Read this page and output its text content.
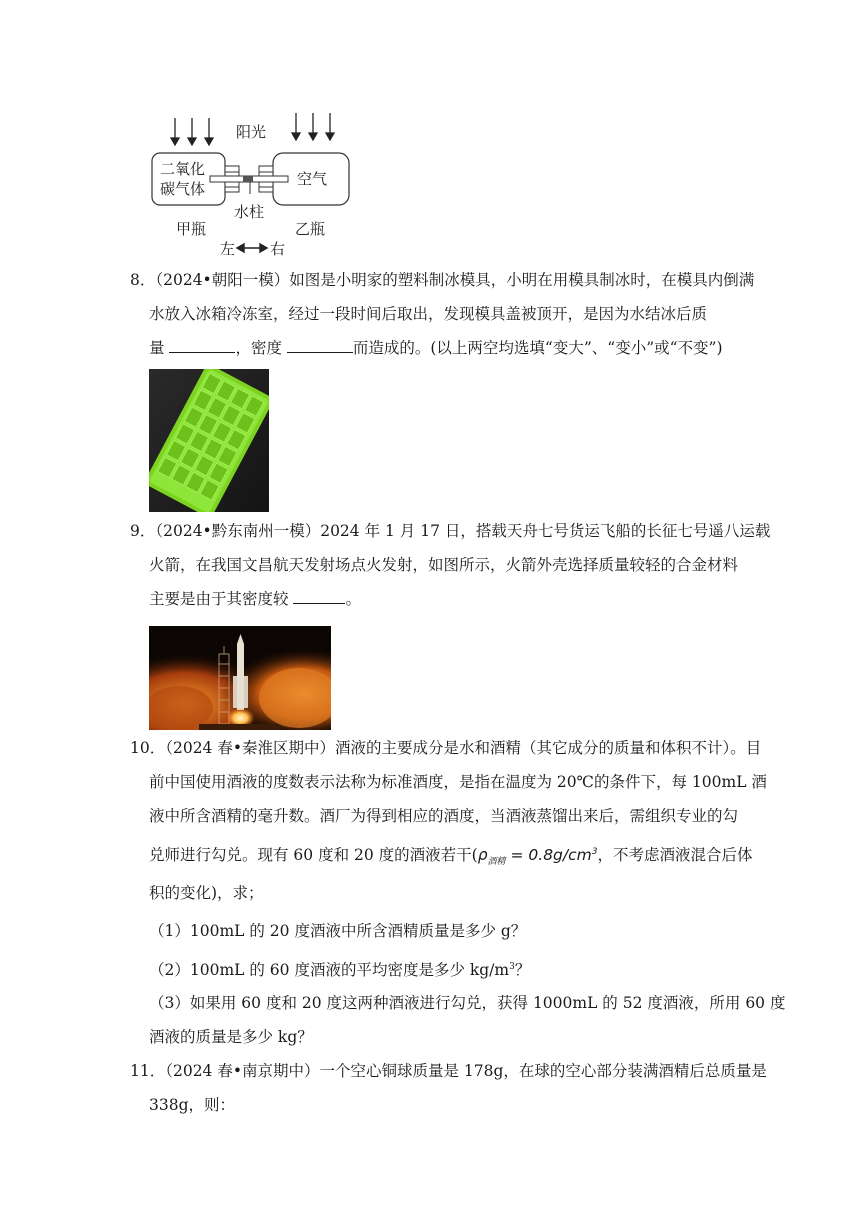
阳光
二氧化
碳气体
空气
水柱
甲瓶	乙瓶
左 右
8．（2024•朝阳一模）如图是小明家的塑料制冰模具，小明在用模具制冰时，在模具内倒满
水放入冰箱冷冻室，经过一段时间后取出，发现模具盖被顶开，是因为水结冰后质
量	，密度	而造成的。(以上两空均选填“变大”、“变小”或“不变”)
9．（2024•黔东南州一模）2024 年 1 月 17 日，搭载天舟七号货运飞船的长征七号遥八运载
火箭，在我国文昌航天发射场点火发射，如图所示，火箭外壳选择质量较轻的合金材料
主要是由于其密度较	。
10．（2024 春•秦淮区期中）酒液的主要成分是水和酒精（其它成分的质量和体积不计）。目
前中国使用酒液的度数表示法称为标准酒度，是指在温度为 20℃的条件下，每 100mL 酒
液中所含酒精的毫升数。酒厂为得到相应的酒度，当酒液蒸馏出来后，需组织专业的勾
兑师进行勾兑。现有 60 度和 20 度的酒液若干($\rho_{酒精} = 0.8g/cm^3$，不考虑酒液混合后体
积的变化)，求；
（1）100mL 的 20 度酒液中所含酒精质量是多少 g？
（2）100mL 的 60 度酒液的平均密度是多少 $kg/m^3$？
（3）如果用 60 度和 20 度这两种酒液进行勾兑，获得 1000mL 的 52 度酒液，所用 60 度
酒液的质量是多少 kg？
11．（2024 春•南京期中）一个空心铜球质量是 178g，在球的空心部分装满酒精后总质量是
338g，则：
